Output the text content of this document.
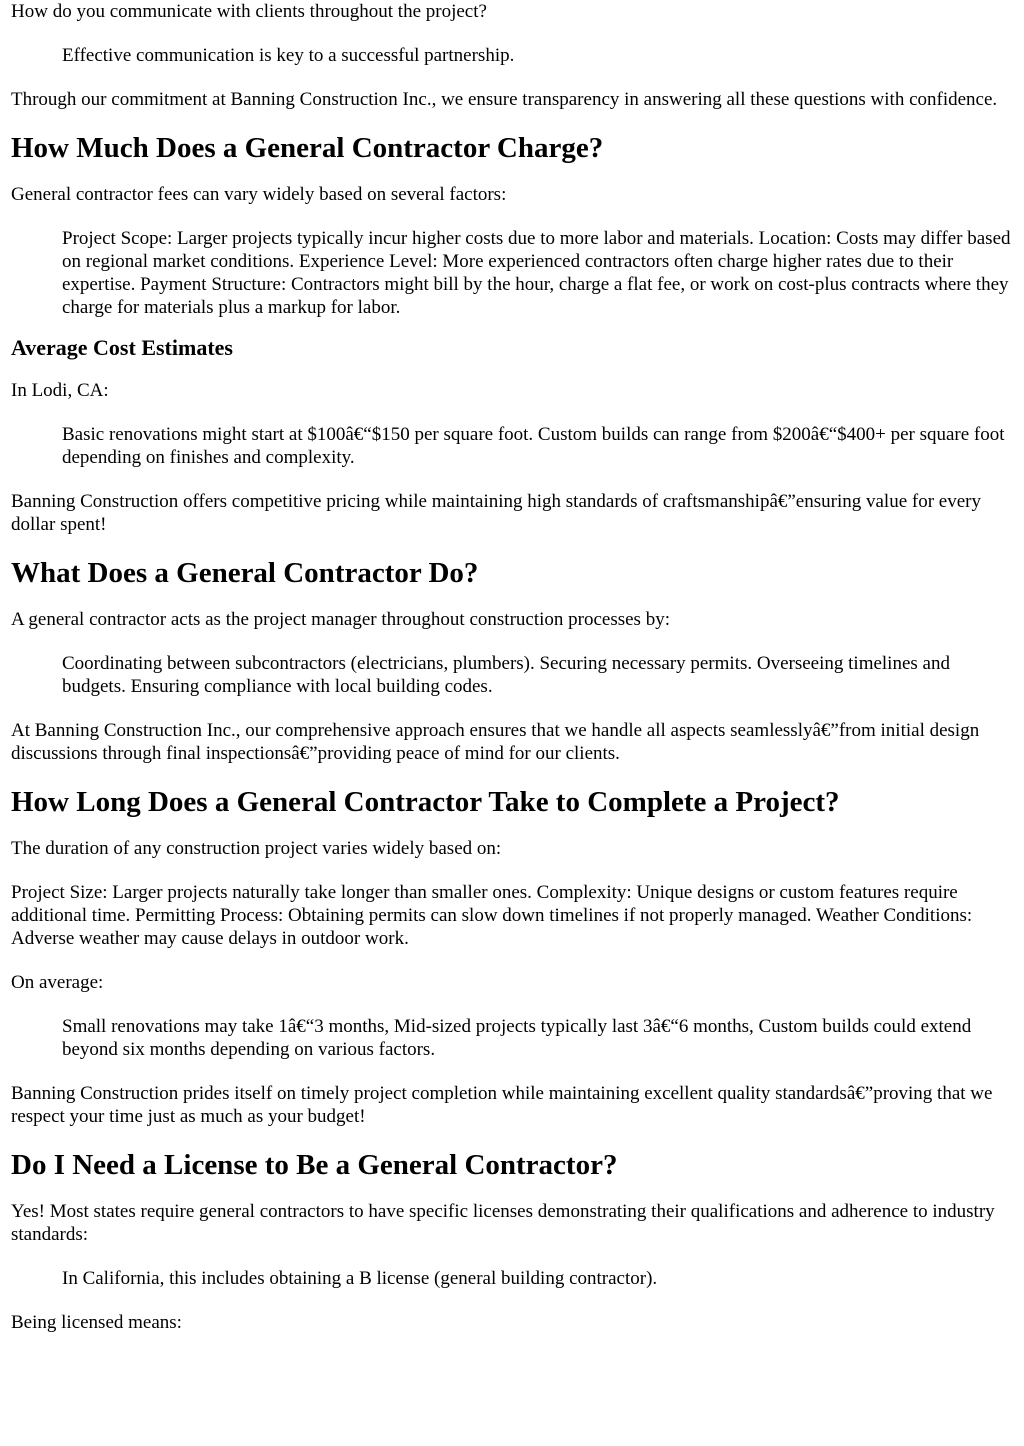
How do you communicate with clients throughout the project?

Effective communication is key to a successful partnership.

Through our commitment at Banning Construction Inc., we ensure transparency in answering all these questions with confidence.

How Much Does a General Contractor Charge?

General contractor fees can vary widely based on several factors:

Project Scope: Larger projects typically incur higher costs due to more labor and materials. Location: Costs may differ based on regional market conditions. Experience Level: More experienced contractors often charge higher rates due to their expertise. Payment Structure: Contractors might bill by the hour, charge a flat fee, or work on cost-plus contracts where they charge for materials plus a markup for labor.
Average Cost Estimates

In Lodi, CA:

Basic renovations might start at $100â€“$150 per square foot. Custom builds can range from $200â€“$400+ per square foot depending on finishes and complexity.

Banning Construction offers competitive pricing while maintaining high standards of craftsmanshipâ€”ensuring value for every dollar spent!

What Does a General Contractor Do?

A general contractor acts as the project manager throughout construction processes by:

Coordinating between subcontractors (electricians, plumbers). Securing necessary permits. Overseeing timelines and budgets. Ensuring compliance with local building codes.

At Banning Construction Inc., our comprehensive approach ensures that we handle all aspects seamlesslyâ€”from initial design discussions through final inspectionsâ€”providing peace of mind for our clients.

How Long Does a General Contractor Take to Complete a Project?

The duration of any construction project varies widely based on:

Project Size: Larger projects naturally take longer than smaller ones. Complexity: Unique designs or custom features require additional time. Permitting Process: Obtaining permits can slow down timelines if not properly managed. Weather Conditions: Adverse weather may cause delays in outdoor work.

On average:

Small renovations may take 1â€“3 months, Mid-sized projects typically last 3â€“6 months, Custom builds could extend beyond six months depending on various factors.

Banning Construction prides itself on timely project completion while maintaining excellent quality standardsâ€”proving that we respect your time just as much as your budget!

Do I Need a License to Be a General Contractor?

Yes! Most states require general contractors to have specific licenses demonstrating their qualifications and adherence to industry standards:

In California, this includes obtaining a B license (general building contractor).

Being licensed means:
